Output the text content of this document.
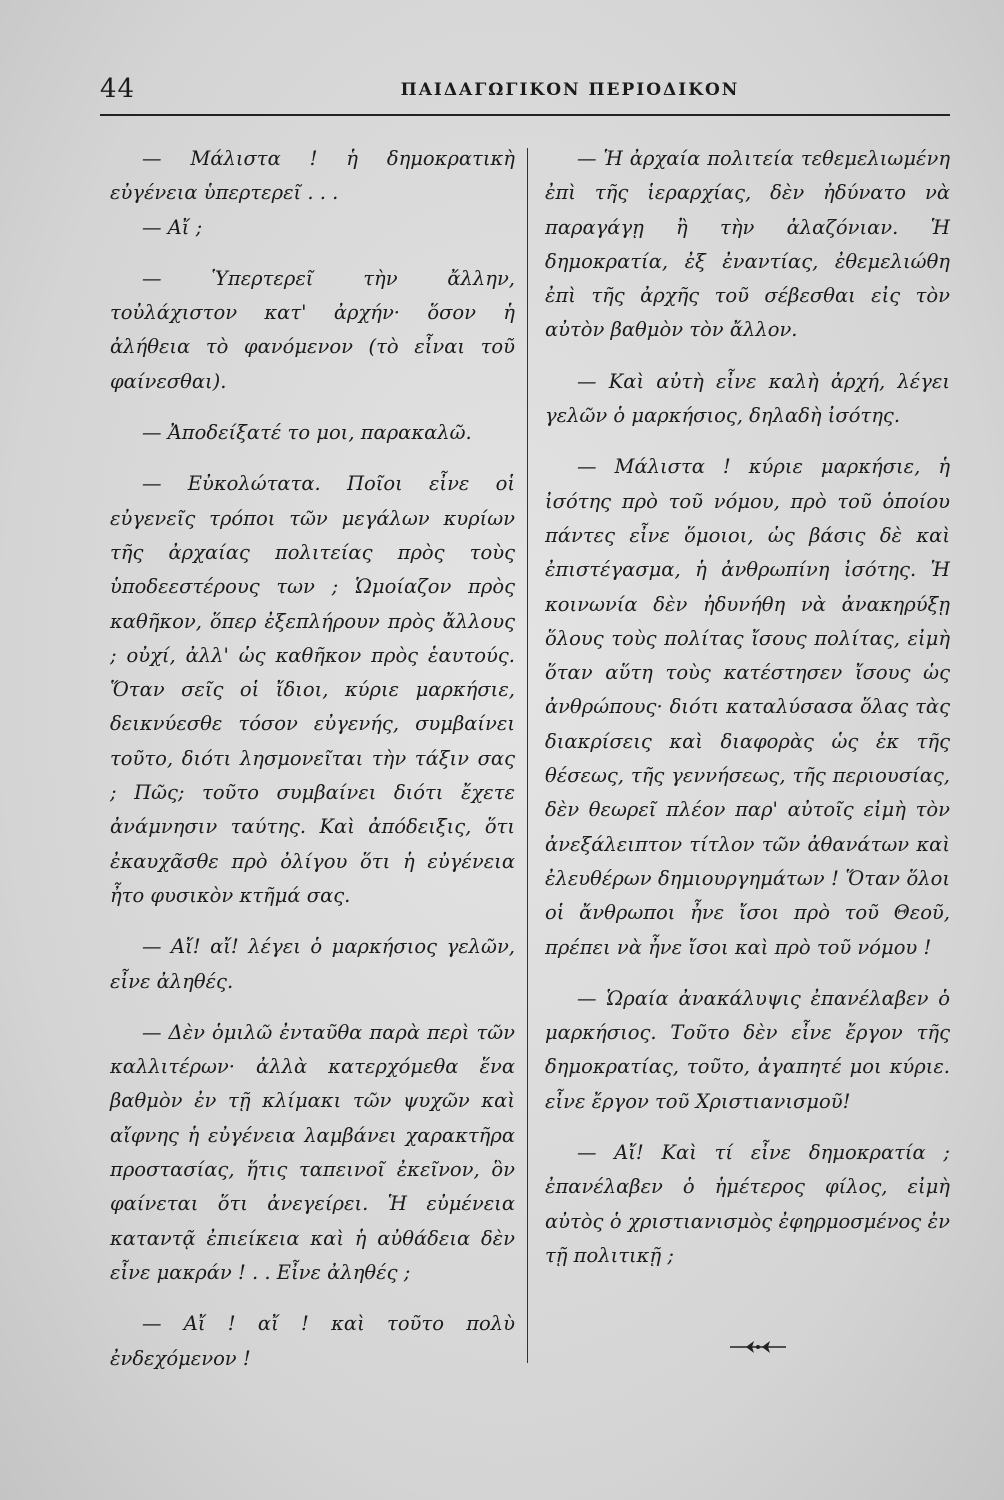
44	ΠΑΙΔΑΓΩΓΙΚΟΝ ΠΕΡΙΟΔΙΚΟΝ

— Μάλιστα ! ἡ δημοκρατικὴ εὐγένεια ὑπερτερεῖ . . .

— Αἴ ;

— Ὑπερτερεῖ τὴν ἄλλην, τοὐλάχιστον κατ' ἀρχήν· ὅσον ἡ ἀλήθεια τὸ φανόμενον (τὸ εἶναι τοῦ φαίνεσθαι).

— Ἀποδείξατέ το μοι, παρακαλῶ.

— Εὐκολώτατα. Ποῖοι εἶνε οἱ εὐγενεῖς τρόποι τῶν μεγάλων κυρίων τῆς ἀρχαίας πολιτείας πρὸς τοὺς ὑποδεεστέρους των ; Ὡμοίαζον πρὸς καθῆκον, ὅπερ ἐξεπλήρουν πρὸς ἄλλους ; οὐχί, ἀλλ' ὡς καθῆκον πρὸς ἑαυτούς. Ὅταν σεῖς οἱ ἴδιοι, κύριε μαρκήσιε, δεικνύεσθε τόσον εὐγενής, συμβαίνει τοῦτο, διότι λησμονεῖται τὴν τάξιν σας ; Πῶς; τοῦτο συμβαίνει διότι ἔχετε ἀνάμνησιν ταύτης. Καὶ ἀπόδειξις, ὅτι ἐκαυχᾶσθε πρὸ ὀλίγου ὅτι ἡ εὐγένεια ἦτο φυσικὸν κτῆμά σας.

— Αἴ! αἴ! λέγει ὁ μαρκήσιος γελῶν, εἶνε ἀληθές.

— Δὲν ὁμιλῶ ἐνταῦθα παρὰ περὶ τῶν καλλιτέρων· ἀλλὰ κατερχόμεθα ἕνα βαθμὸν ἐν τῇ κλίμακι τῶν ψυχῶν καὶ αἴφνης ἡ εὐγένεια λαμβάνει χαρακτῆρα προστασίας, ἥτις ταπεινοῖ ἐκεῖνον, ὃν φαίνεται ὅτι ἀνεγείρει. Ἡ εὐμένεια καταντᾷ ἐπιείκεια καὶ ἡ αὐθάδεια δὲν εἶνε μακράν ! . . Εἶνε ἀληθές ;

— Αἴ ! αἴ ! καὶ τοῦτο πολὺ ἐνδεχόμενον !

— Ἡ ἀρχαία πολιτεία τεθεμελιωμένη ἐπὶ τῆς ἱεραρχίας, δὲν ἠδύνατο νὰ παραγάγῃ ἢ τὴν ἀλαζόνιαν. Ἡ δημοκρατία, ἐξ ἐναντίας, ἐθεμελιώθη ἐπὶ τῆς ἀρχῆς τοῦ σέβεσθαι εἰς τὸν αὐτὸν βαθμὸν τὸν ἄλλον.

— Καὶ αὐτὴ εἶνε καλὴ ἀρχή, λέγει γελῶν ὁ μαρκήσιος, δηλαδὴ ἰσότης.

— Μάλιστα ! κύριε μαρκήσιε, ἡ ἰσότης πρὸ τοῦ νόμου, πρὸ τοῦ ὁποίου πάντες εἶνε ὅμοιοι, ὡς βάσις δὲ καὶ ἐπιστέγασμα, ἡ ἀνθρωπίνη ἰσότης. Ἡ κοινωνία δὲν ἠδυνήθη νὰ ἀνακηρύξῃ ὅλους τοὺς πολίτας ἴσους πολίτας, εἰμὴ ὅταν αὕτη τοὺς κατέστησεν ἴσους ὡς ἀνθρώπους· διότι καταλύσασα ὅλας τὰς διακρίσεις καὶ διαφορὰς ὡς ἐκ τῆς θέσεως, τῆς γεννήσεως, τῆς περιουσίας, δὲν θεωρεῖ πλέον παρ' αὐτοῖς εἰμὴ τὸν ἀνεξάλειπτον τίτλον τῶν ἀθανάτων καὶ ἐλευθέρων δημιουργημάτων ! Ὅταν ὅλοι οἱ ἄνθρωποι ἦνε ἴσοι πρὸ τοῦ Θεοῦ, πρέπει νὰ ἦνε ἴσοι καὶ πρὸ τοῦ νόμου !

— Ὡραία ἀνακάλυψις ἐπανέλαβεν ὁ μαρκήσιος. Τοῦτο δὲν εἶνε ἔργον τῆς δημοκρατίας, τοῦτο, ἀγαπητέ μοι κύριε. εἶνε ἔργον τοῦ Χριστιανισμοῦ!

— Αἴ! Καὶ τί εἶνε δημοκρατία ; ἐπανέλαβεν ὁ ἡμέτερος φίλος, εἰμὴ αὐτὸς ὁ χριστιανισμὸς ἐφηρμοσμένος ἐν τῇ πολιτικῇ ;
